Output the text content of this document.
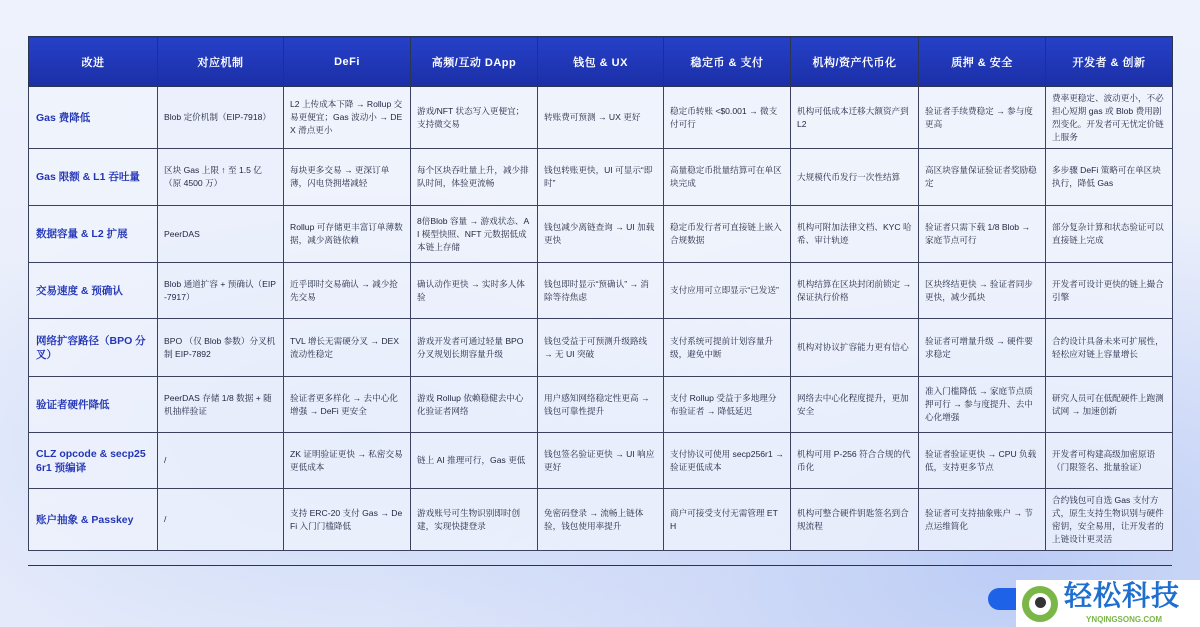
改进	对应机制	DeFi	高频/互动 DApp	钱包 & UX	稳定币 & 支付	机构/资产代币化	质押 & 安全	开发者 & 创新
Gas 费降低	Blob 定价机制（EIP-7918）	L2 上传成本下降 → Rollup 交易更便宜；Gas 波动小 → DEX 滑点更小	游戏/NFT 状态写入更便宜；支持微交易	转账费可预测 → UX 更好	稳定币转账 <$0.001 → 微支付可行	机构可低成本迁移大额资产到 L2	验证者手续费稳定 → 参与度更高	费率更稳定、波动更小，不必担心短期 gas 或 Blob 费用剧烈变化。开发者可无忧定价链上服务
Gas 限额 & L1 吞吐量	区块 Gas 上限 ↑ 至 1.5 亿（原 4500 万）	每块更多交易 → 更深订单薄，闪电贷拥堵减轻	每个区块吞吐量上升，减少排队时间，体验更流畅	钱包转账更快，UI 可显示“即时”	高量稳定币批量结算可在单区块完成	大规模代币发行一次性结算	高区块容量保证验证者奖励稳定	多步骤 DeFi 策略可在单区块执行，降低 Gas
数据容量 & L2 扩展	PeerDAS	Rollup 可存储更丰富订单薄数据，减少离链依赖	8倍Blob 容量 → 游戏状态、AI 模型快照、NFT 元数据低成本链上存储	钱包减少离链查询 → UI 加载更快	稳定币发行者可直接链上嵌入合规数据	机构可附加法律文档、KYC 哈希、审计轨迹	验证者只需下载 1/8 Blob → 家庭节点可行	部分复杂计算和状态验证可以直接链上完成
交易速度 & 预确认	Blob 通道扩容 + 预确认（EIP-7917）	近乎即时交易确认 → 减少抢先交易	确认动作更快 → 实时多人体验	钱包即时显示“预确认” → 消除等待焦虑	支付应用可立即显示“已发送”	机构结算在区块封闭前锁定 → 保证执行价格	区块终结更快 → 验证者同步更快，减少孤块	开发者可设计更快的链上撮合引擎
网络扩容路径（BPO 分叉）	BPO （仅 Blob 参数）分叉机制 EIP-7892	TVL 增长无需硬分叉 → DEX 流动性稳定	游戏开发者可通过轻量 BPO 分叉规划长期容量升级	钱包受益于可预测升级路线 → 无 UI 突破	支付系统可提前计划容量升级，避免中断	机构对协议扩容能力更有信心	验证者可增量升级 → 硬件要求稳定	合约设计具备未来可扩展性，轻松应对链上容量增长
验证者硬件降低	PeerDAS 存储 1/8 数据 + 随机抽样验证	验证者更多样化 → 去中心化增强 → DeFi 更安全	游戏 Rollup 依赖稳健去中心化验证者网络	用户感知网络稳定性更高 → 钱包可靠性提升	支付 Rollup 受益于多地理分布验证者 → 降低延迟	网络去中心化程度提升，更加安全	准入门槛降低 → 家庭节点质押可行 → 参与度提升、去中心化增强	研究人员可在低配硬件上跑测试网 → 加速创新
CLZ opcode & secp256r1 预编译	/	ZK 证明验证更快 → 私密交易更低成本	链上 AI 推理可行，Gas 更低	钱包签名验证更快 → UI 响应更好	支付协议可使用 secp256r1 → 验证更低成本	机构可用 P-256 符合合规的代币化	验证者验证更快 → CPU 负载低，支持更多节点	开发者可构建高级加密原语（门限签名、批量验证）
账户抽象 & Passkey	/	支持 ERC-20 支付 Gas → DeFi 入门门槛降低	游戏账号可生物识别即时创建，实现快捷登录	免密码登录 → 流畅上链体验，钱包使用率提升	商户可接受支付无需管理 ETH	机构可整合硬件钥匙签名到合规流程	验证者可支持抽象账户 → 节点运维简化	合约钱包可自选 Gas 支付方式，原生支持生物识别与硬件密钥，安全易用，让开发者的上链设计更灵活
轻松科技
YNQINGSONG.COM
